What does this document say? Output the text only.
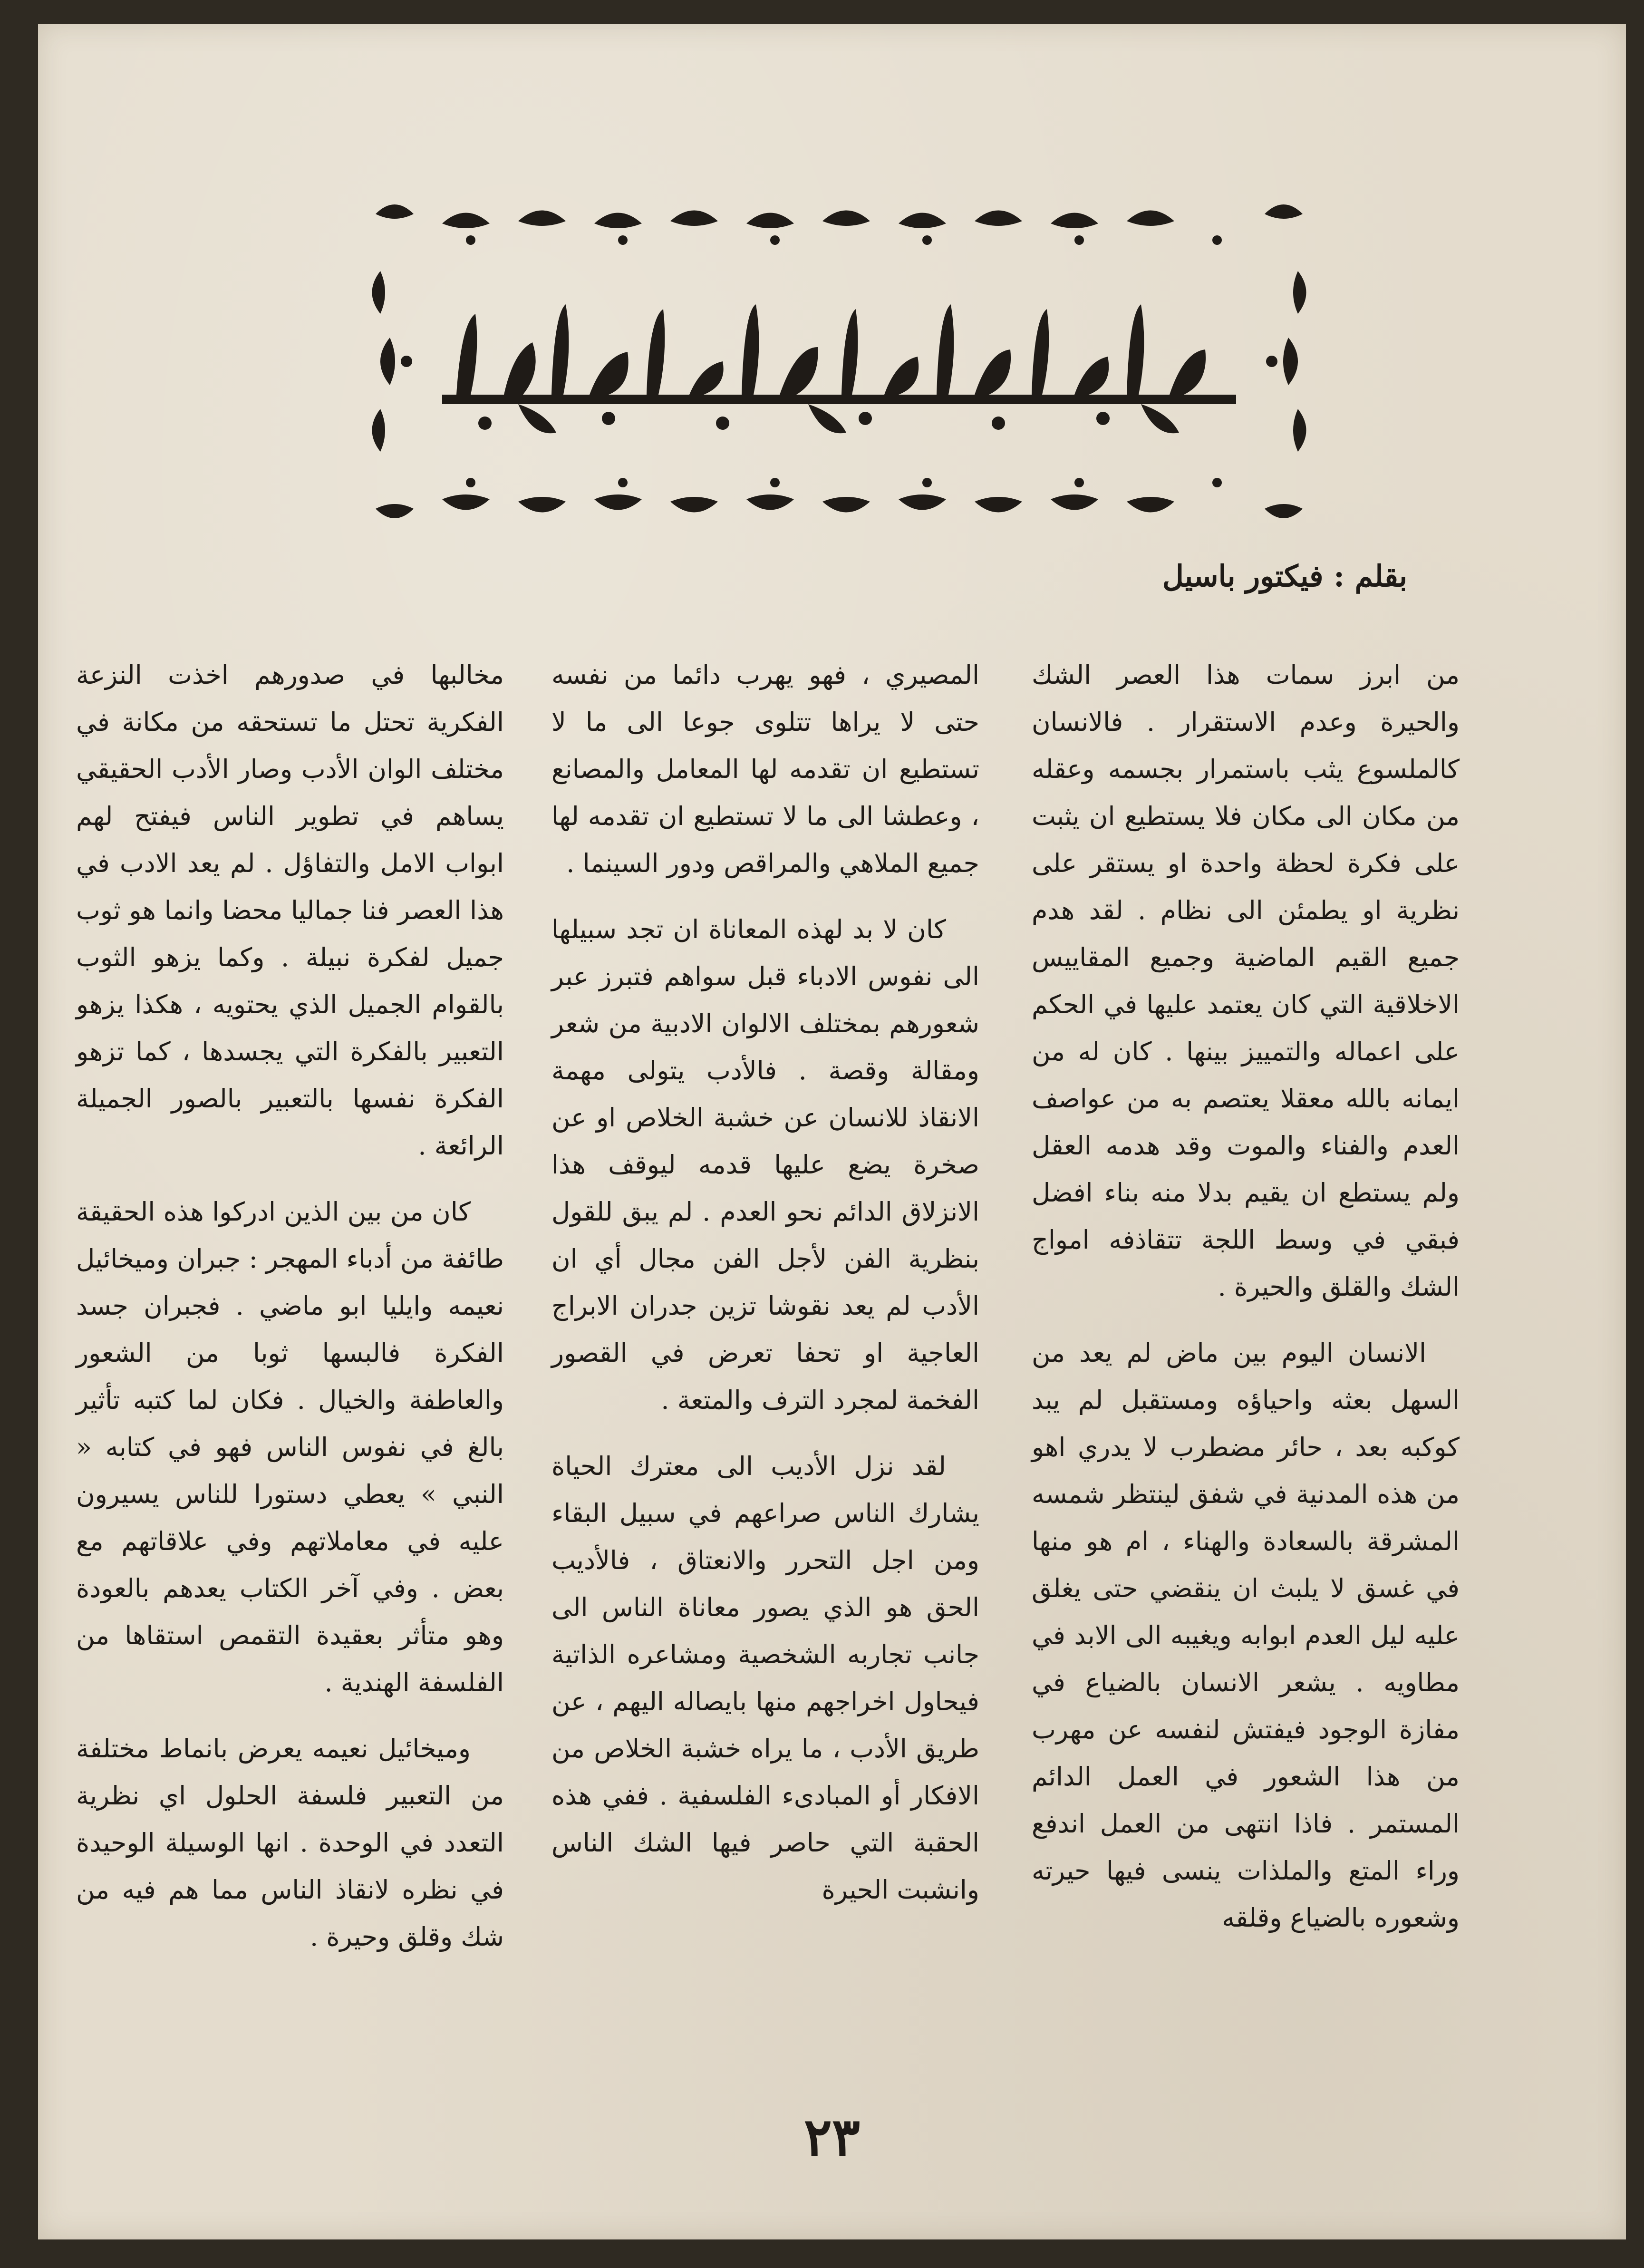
بقلم : فيكتور باسيل

من ابرز سمات هذا العصر الشك والحيرة وعدم الاستقرار . فالانسان كالملسوع يثب باستمرار بجسمه وعقله من مكان الى مكان فلا يستطيع ان يثبت على فكرة لحظة واحدة او يستقر على نظرية او يطمئن الى نظام . لقد هدم جميع القيم الماضية وجميع المقاييس الاخلاقية التي كان يعتمد عليها في الحكم على اعماله والتمييز بينها . كان له من ايمانه بالله معقلا يعتصم به من عواصف العدم والفناء والموت وقد هدمه العقل ولم يستطع ان يقيم بدلا منه بناء افضل فبقي في وسط اللجة تتقاذفه امواج الشك والقلق والحيرة .

الانسان اليوم بين ماض لم يعد من السهل بعثه واحياؤه ومستقبل لم يبد كوكبه بعد ، حائر مضطرب لا يدري اهو من هذه المدنية في شفق لينتظر شمسه المشرقة بالسعادة والهناء ، ام هو منها في غسق لا يلبث ان ينقضي حتى يغلق عليه ليل العدم ابوابه ويغيبه الى الابد في مطاويه . يشعر الانسان بالضياع في مفازة الوجود فيفتش لنفسه عن مهرب من هذا الشعور في العمل الدائم المستمر . فاذا انتهى من العمل اندفع وراء المتع والملذات ينسى فيها حيرته وشعوره بالضياع وقلقه

المصيري ، فهو يهرب دائما من نفسه حتى لا يراها تتلوى جوعا الى ما لا تستطيع ان تقدمه لها المعامل والمصانع ، وعطشا الى ما لا تستطيع ان تقدمه لها جميع الملاهي والمراقص ودور السينما .

كان لا بد لهذه المعاناة ان تجد سبيلها الى نفوس الادباء قبل سواهم فتبرز عبر شعورهم بمختلف الالوان الادبية من شعر ومقالة وقصة . فالأدب يتولى مهمة الانقاذ للانسان عن خشبة الخلاص او عن صخرة يضع عليها قدمه ليوقف هذا الانزلاق الدائم نحو العدم . لم يبق للقول بنظرية الفن لأجل الفن مجال أي ان الأدب لم يعد نقوشا تزين جدران الابراج العاجية او تحفا تعرض في القصور الفخمة لمجرد الترف والمتعة .

لقد نزل الأديب الى معترك الحياة يشارك الناس صراعهم في سبيل البقاء ومن اجل التحرر والانعتاق ، فالأديب الحق هو الذي يصور معاناة الناس الى جانب تجاربه الشخصية ومشاعره الذاتية فيحاول اخراجهم منها بايصاله اليهم ، عن طريق الأدب ، ما يراه خشبة الخلاص من الافكار أو المبادىء الفلسفية . ففي هذه الحقبة التي حاصر فيها الشك الناس وانشبت الحيرة

مخالبها في صدورهم اخذت النزعة الفكرية تحتل ما تستحقه من مكانة في مختلف الوان الأدب وصار الأدب الحقيقي يساهم في تطوير الناس فيفتح لهم ابواب الامل والتفاؤل . لم يعد الادب في هذا العصر فنا جماليا محضا وانما هو ثوب جميل لفكرة نبيلة . وكما يزهو الثوب بالقوام الجميل الذي يحتويه ، هكذا يزهو التعبير بالفكرة التي يجسدها ، كما تزهو الفكرة نفسها بالتعبير بالصور الجميلة الرائعة .

كان من بين الذين ادركوا هذه الحقيقة طائفة من أدباء المهجر : جبران وميخائيل نعيمه وايليا ابو ماضي . فجبران جسد الفكرة فالبسها ثوبا من الشعور والعاطفة والخيال . فكان لما كتبه تأثير بالغ في نفوس الناس فهو في كتابه « النبي » يعطي دستورا للناس يسيرون عليه في معاملاتهم وفي علاقاتهم مع بعض . وفي آخر الكتاب يعدهم بالعودة وهو متأثر بعقيدة التقمص استقاها من الفلسفة الهندية .

وميخائيل نعيمه يعرض بانماط مختلفة من التعبير فلسفة الحلول اي نظرية التعدد في الوحدة . انها الوسيلة الوحيدة في نظره لانقاذ الناس مما هم فيه من شك وقلق وحيرة .

٢٣
